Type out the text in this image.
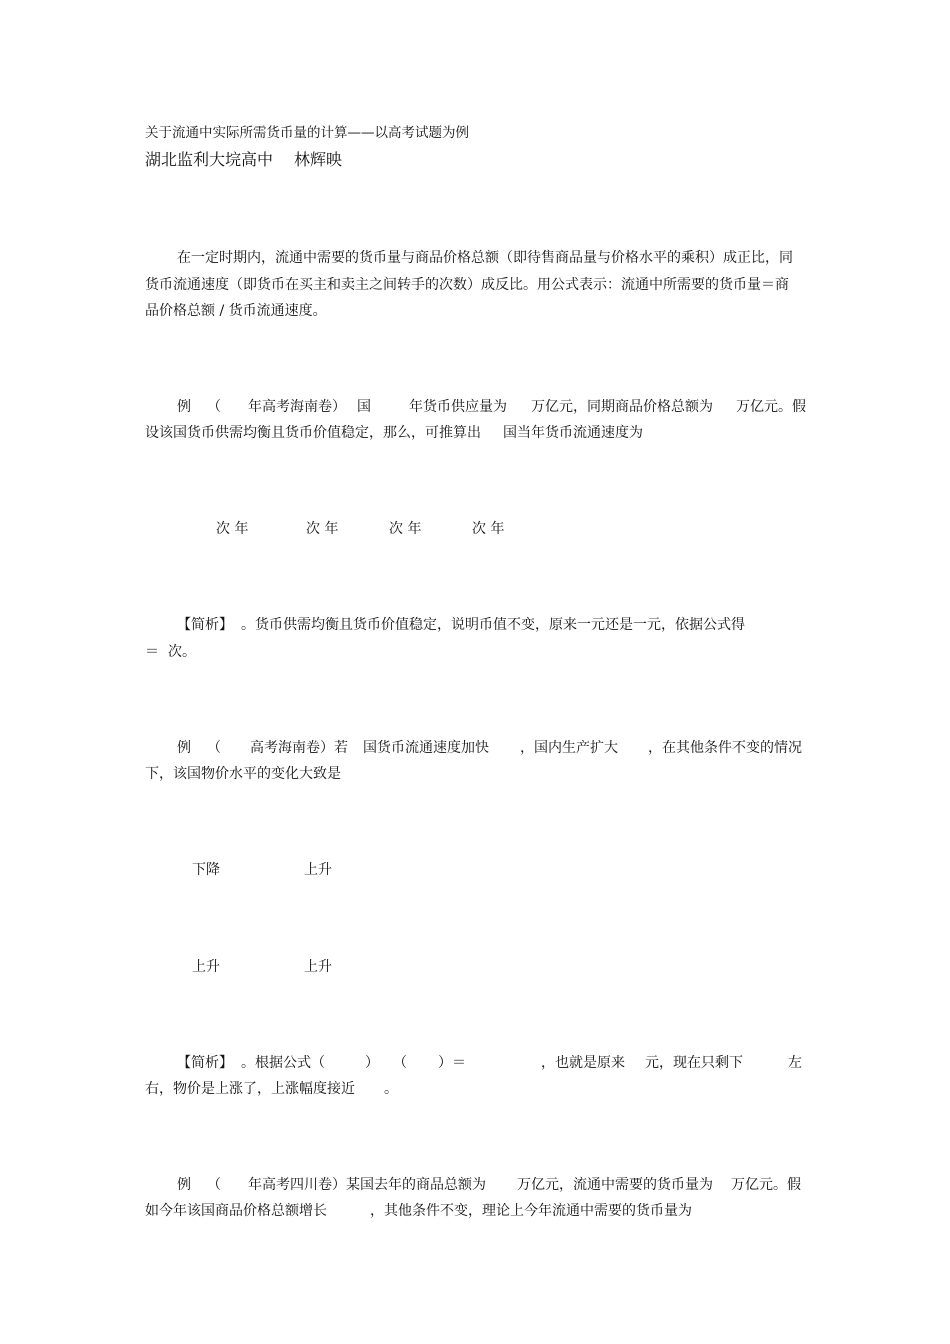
关于流通中实际所需货币量的计算——以高考试题为例
湖北监利大垸高中 林辉映
在一定时期内，流通中需要的货币量与商品价格总额（即待售商品量与价格水平的乘积）成正比，同
货币流通速度（即货币在买主和卖主之间转手的次数）成反比。用公式表示：流通中所需要的货币量＝商
品价格总额 / 货币流通速度。
例 （ 年高考海南卷） 国	年货币供应量为 万亿元，同期商品价格总额为 万亿元。假
设该国货币供需均衡且货币价值稳定，那么，可推算出 国当年货币流通速度为
次 年	次 年	次 年	次 年
【简析】 。货币供需均衡且货币价值稳定，说明币值不变，原来一元还是一元，依据公式得
＝ 次。
例 （ 高考海南卷）若 国货币流通速度加快 ，国内生产扩大 ，在其他条件不变的情况
下，该国物价水平的变化大致是
下降	上升
上升	上升
【简析】 。根据公式（	） （ ）＝	，也就是原来 元，现在只剩下	左
右，物价是上涨了，上涨幅度接近 。
例 （ 年高考四川卷）某国去年的商品总额为 万亿元，流通中需要的货币量为 万亿元。假
如今年该国商品价格总额增长	，其他条件不变，理论上今年流通中需要的货币量为
